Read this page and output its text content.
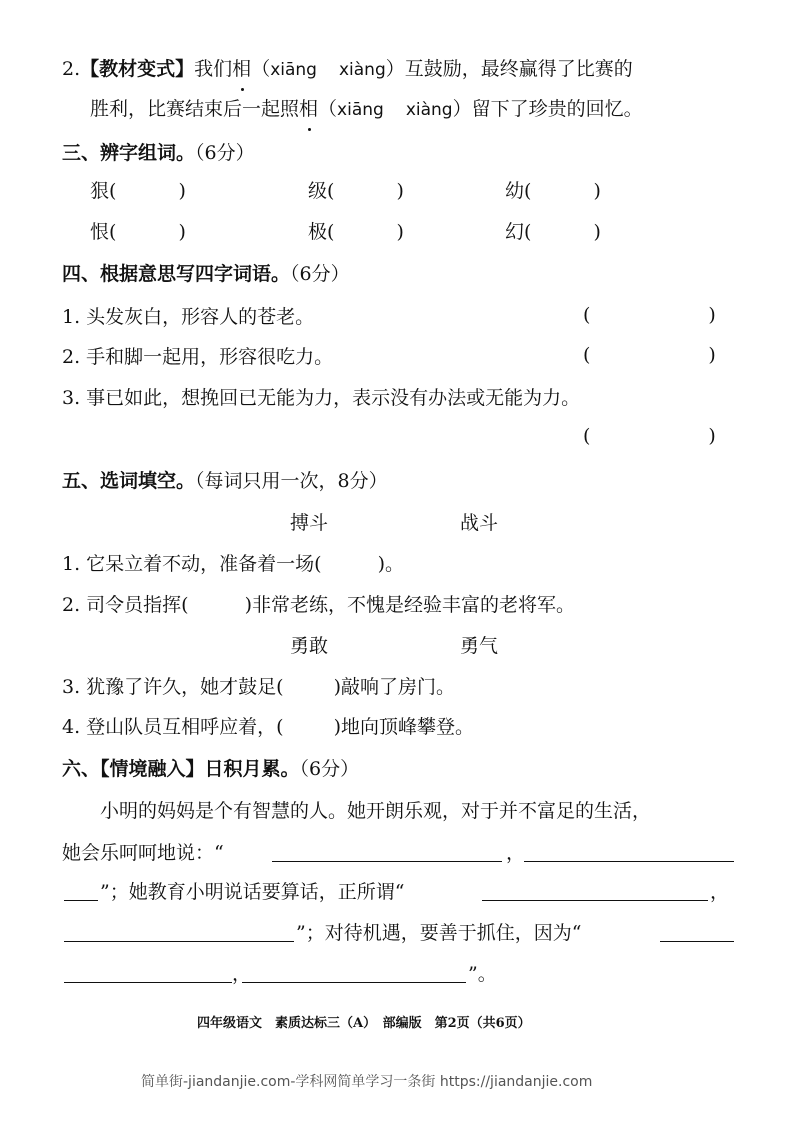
2.【教材变式】我们相（xiāng xiàng）互鼓励，最终赢得了比赛的
胜利，比赛结束后一起照相（xiāng xiàng）留下了珍贵的回忆。
三、辨字组词。（6分）
狠(	)	级(	)	幼(	)
恨(	)	极(	)	幻(	)
四、根据意思写四字词语。（6分）
1. 头发灰白，形容人的苍老。	(	)
2. 手和脚一起用，形容很吃力。	(	)
3. 事已如此，想挽回已无能为力，表示没有办法或无能为力。
(	)
五、选词填空。（每词只用一次，8分）
搏斗	战斗
1. 它呆立着不动，准备着一场(	)。
2. 司令员指挥(	)非常老练，不愧是经验丰富的老将军。
勇敢	勇气
3. 犹豫了许久，她才鼓足(	)敲响了房门。
4. 登山队员互相呼应着，(	)地向顶峰攀登。
六、【情境融入】日积月累。（6分）
小明的妈妈是个有智慧的人。她开朗乐观，对于并不富足的生活，
她会乐呵呵地说：“	，
”；她教育小明说话要算话，正所谓“	，
”；对待机遇，要善于抓住，因为“
，	”。
四年级语文　素质达标三（A）　部编版　第2页（共6页）
简单街-jiandanjie.com-学科网简单学习一条街 https://jiandanjie.com
